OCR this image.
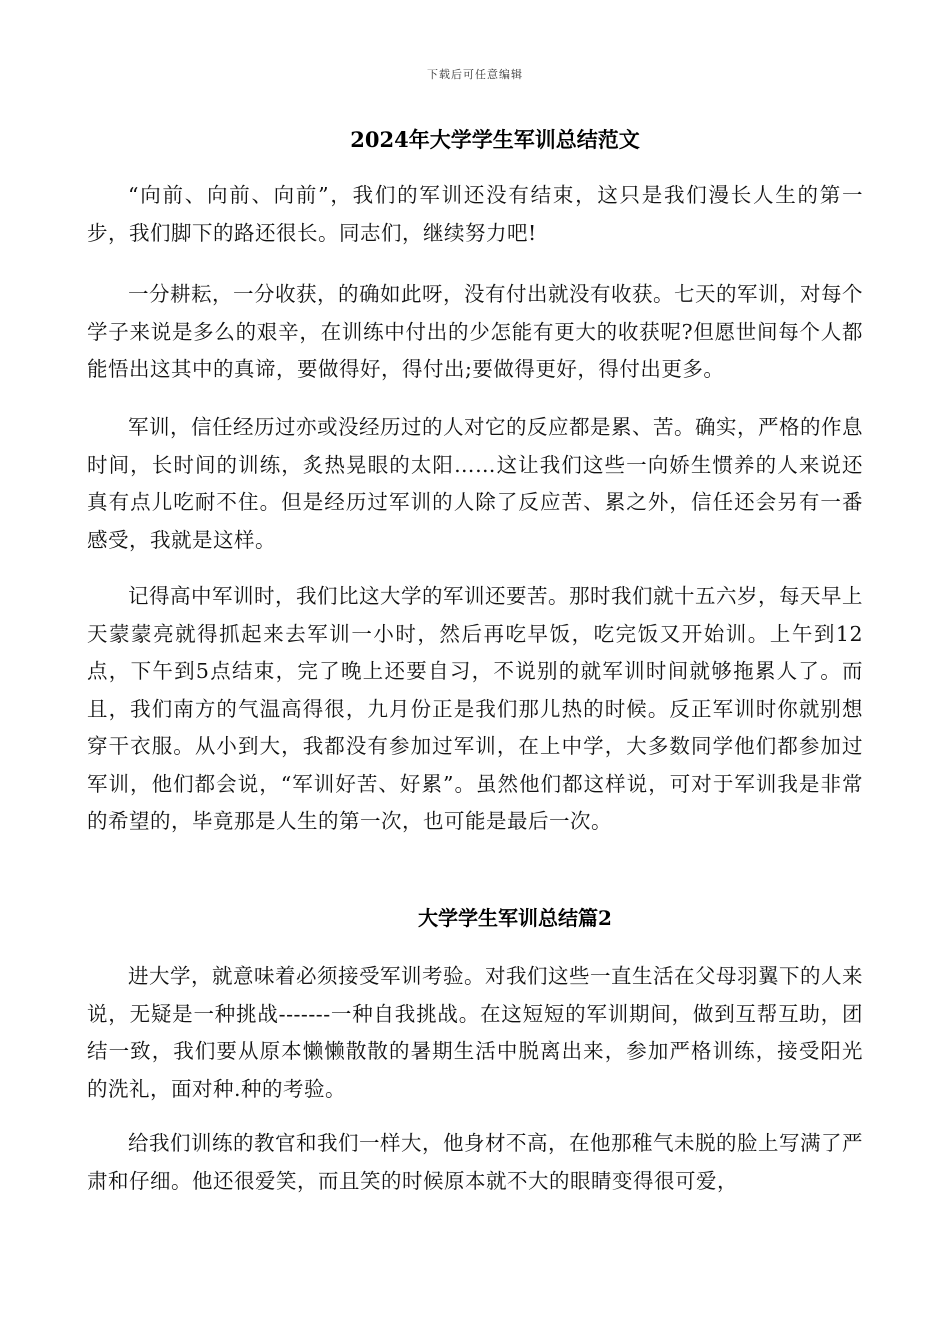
下载后可任意编辑
2024年大学学生军训总结范文

“向前、向前、向前”，我们的军训还没有结束，这只是我们漫长人生的第一步，我们脚下的路还很长。同志们，继续努力吧!

一分耕耘，一分收获，的确如此呀，没有付出就没有收获。七天的军训，对每个学子来说是多么的艰辛，在训练中付出的少怎能有更大的收获呢?但愿世间每个人都能悟出这其中的真谛，要做得好，得付出;要做得更好，得付出更多。

军训，信任经历过亦或没经历过的人对它的反应都是累、苦。确实，严格的作息时间，长时间的训练，炙热晃眼的太阳……这让我们这些一向娇生惯养的人来说还真有点儿吃耐不住。但是经历过军训的人除了反应苦、累之外，信任还会另有一番感受，我就是这样。

记得高中军训时，我们比这大学的军训还要苦。那时我们就十五六岁，每天早上天蒙蒙亮就得抓起来去军训一小时，然后再吃早饭，吃完饭又开始训。上午到12点，下午到5点结束，完了晚上还要自习，不说别的就军训时间就够拖累人了。而且，我们南方的气温高得很，九月份正是我们那儿热的时候。反正军训时你就别想穿干衣服。从小到大，我都没有参加过军训，在上中学，大多数同学他们都参加过军训，他们都会说，“军训好苦、好累”。虽然他们都这样说，可对于军训我是非常的希望的，毕竟那是人生的第一次，也可能是最后一次。

大学学生军训总结篇2

进大学，就意味着必须接受军训考验。对我们这些一直生活在父母羽翼下的人来说，无疑是一种挑战-------一种自我挑战。在这短短的军训期间，做到互帮互助，团结一致，我们要从原本懒懒散散的暑期生活中脱离出来，参加严格训练，接受阳光的洗礼，面对种.种的考验。

给我们训练的教官和我们一样大，他身材不高，在他那稚气未脱的脸上写满了严肃和仔细。他还很爱笑，而且笑的时候原本就不大的眼睛变得很可爱，
